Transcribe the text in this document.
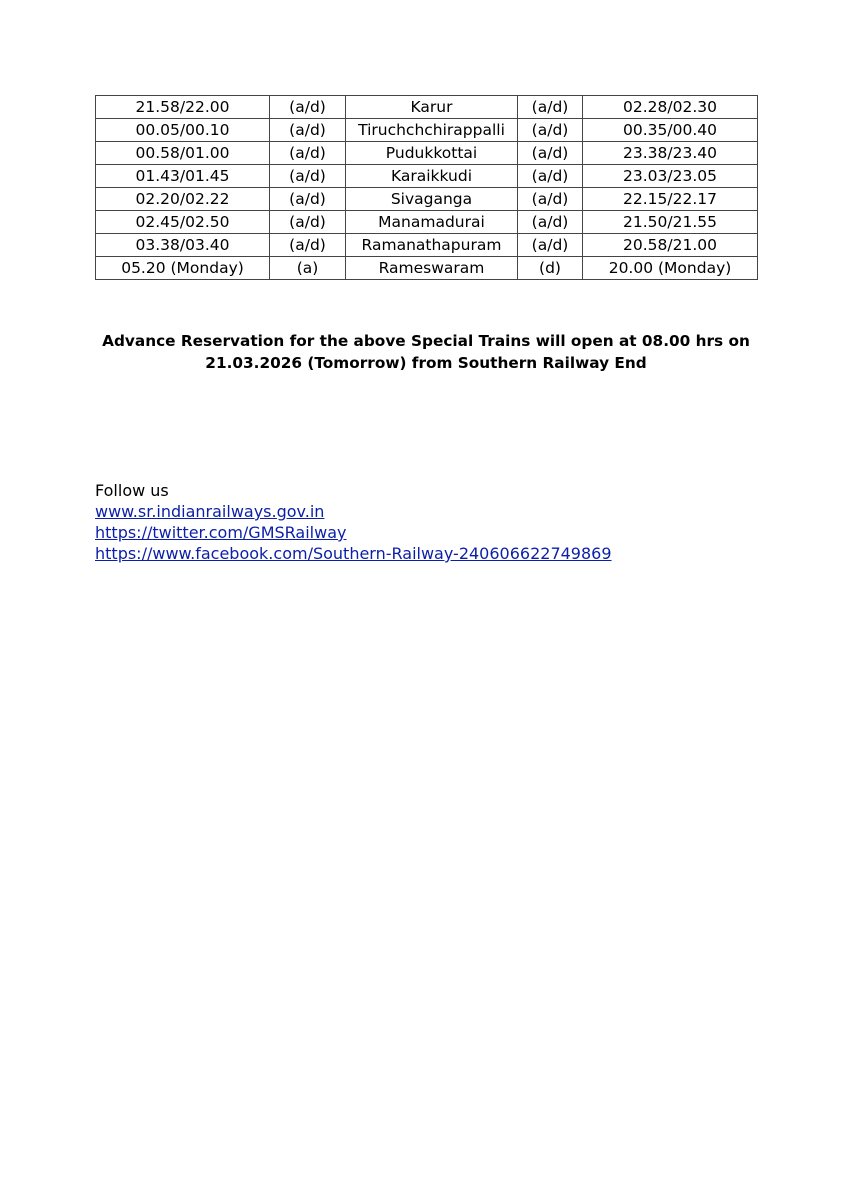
21.58/22.00	(a/d)	Karur	(a/d)	02.28/02.30
00.05/00.10	(a/d)	Tiruchchchirappalli	(a/d)	00.35/00.40
00.58/01.00	(a/d)	Pudukkottai	(a/d)	23.38/23.40
01.43/01.45	(a/d)	Karaikkudi	(a/d)	23.03/23.05
02.20/02.22	(a/d)	Sivaganga	(a/d)	22.15/22.17
02.45/02.50	(a/d)	Manamadurai	(a/d)	21.50/21.55
03.38/03.40	(a/d)	Ramanathapuram	(a/d)	20.58/21.00
05.20 (Monday)	(a)	Rameswaram	(d)	20.00 (Monday)
Advance Reservation for the above Special Trains will open at 08.00 hrs on
21.03.2026 (Tomorrow) from Southern Railway End
Follow us
www.sr.indianrailways.gov.in
https://twitter.com/GMSRailway
https://www.facebook.com/Southern-Railway-240606622749869
